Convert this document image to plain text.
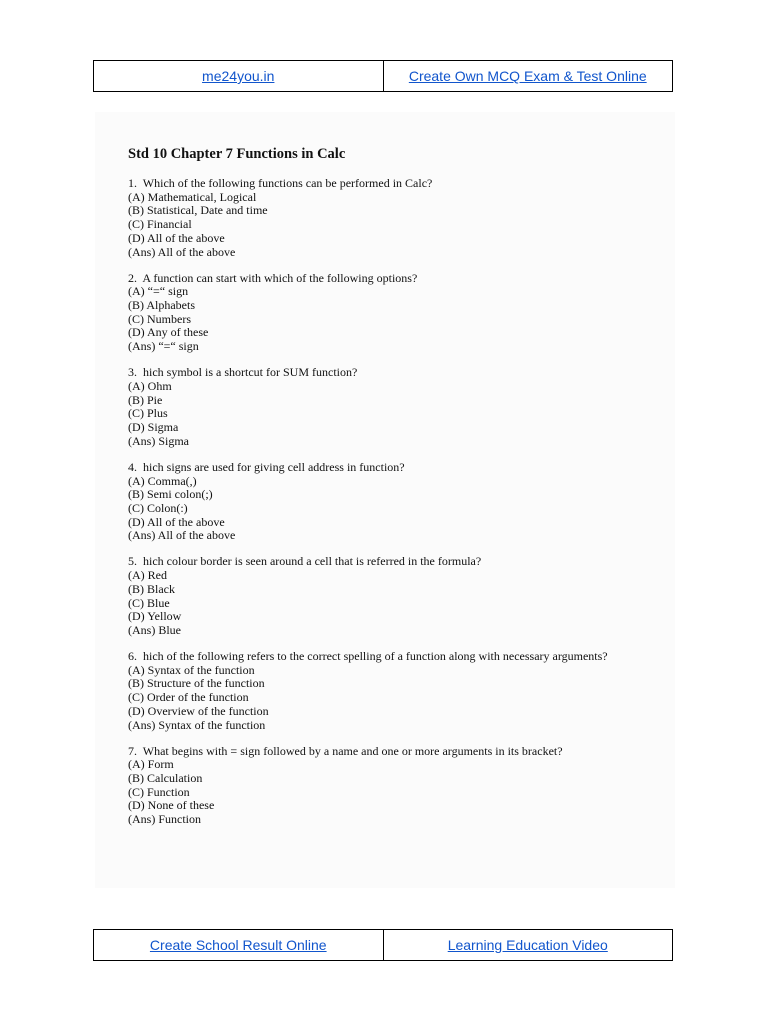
me24you.in	Create Own MCQ Exam & Test Online
Std 10 Chapter 7 Functions in Calc
1.  Which of the following functions can be performed in Calc?
(A) Mathematical, Logical
(B) Statistical, Date and time
(C) Financial
(D) All of the above
(Ans) All of the above
2.  A function can start with which of the following options?
(A) “=“ sign
(B) Alphabets
(C) Numbers
(D) Any of these
(Ans) “=“ sign
3.  hich symbol is a shortcut for SUM function?
(A) Ohm
(B) Pie
(C) Plus
(D) Sigma
(Ans) Sigma
4.  hich signs are used for giving cell address in function?
(A) Comma(,)
(B) Semi colon(;)
(C) Colon(:)
(D) All of the above
(Ans) All of the above
5.  hich colour border is seen around a cell that is referred in the formula?
(A) Red
(B) Black
(C) Blue
(D) Yellow
(Ans) Blue
6.  hich of the following refers to the correct spelling of a function along with necessary arguments?
(A) Syntax of the function
(B) Structure of the function
(C) Order of the function
(D) Overview of the function
(Ans) Syntax of the function
7.  What begins with = sign followed by a name and one or more arguments in its bracket?
(A) Form
(B) Calculation
(C) Function
(D) None of these
(Ans) Function
Create School Result Online	Learning Education Video
